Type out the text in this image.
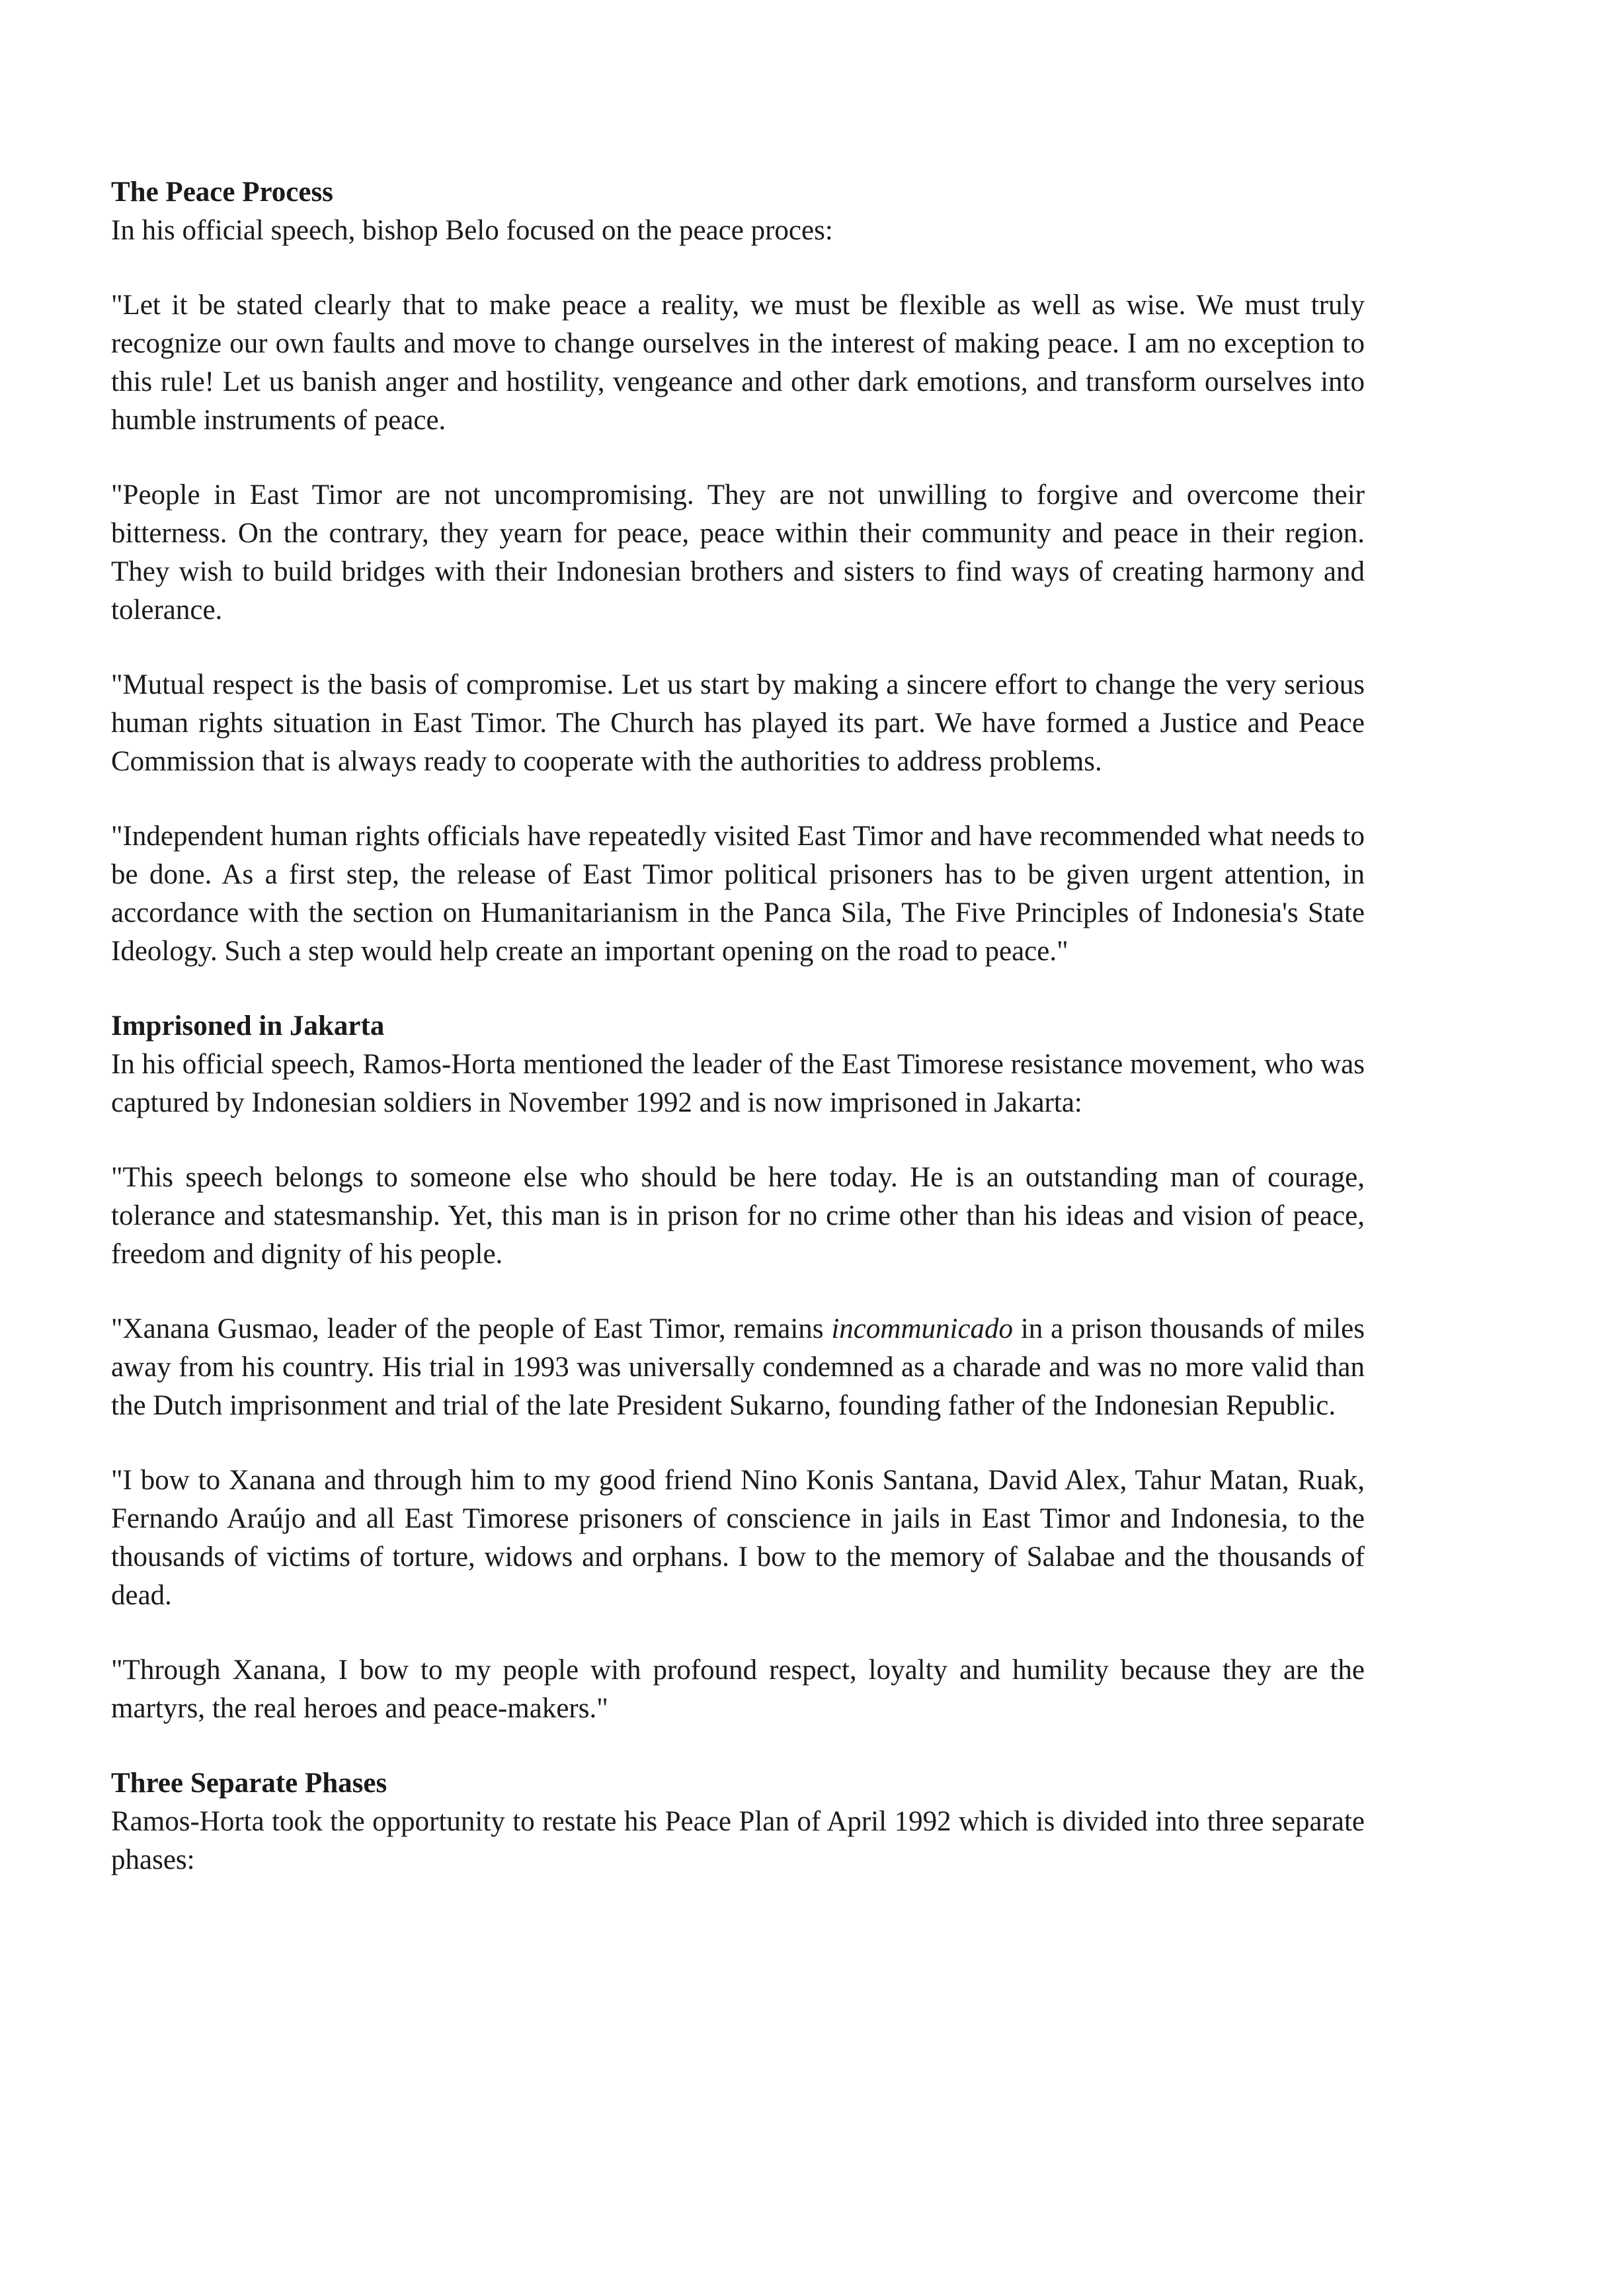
The Peace Process

In his official speech, bishop Belo focused on the peace proces:

"Let it be stated clearly that to make peace a reality, we must be flexible as well as wise. We must truly recognize our own faults and move to change ourselves in the interest of making peace. I am no exception to this rule! Let us banish anger and hostility, vengeance and other dark emotions, and transform ourselves into humble instruments of peace.

"People in East Timor are not uncompromising. They are not unwilling to forgive and overcome their bitterness. On the contrary, they yearn for peace, peace within their community and peace in their region. They wish to build bridges with their Indonesian brothers and sisters to find ways of creating harmony and tolerance.

"Mutual respect is the basis of compromise. Let us start by making a sincere effort to change the very serious human rights situation in East Timor. The Church has played its part. We have formed a Justice and Peace Commission that is always ready to cooperate with the authorities to address problems.

"Independent human rights officials have repeatedly visited East Timor and have recommended what needs to be done. As a first step, the release of East Timor political prisoners has to be given urgent attention, in accordance with the section on Humanitarianism in the Panca Sila, The Five Principles of Indonesia's State Ideology. Such a step would help create an important opening on the road to peace."

Imprisoned in Jakarta

In his official speech, Ramos-Horta mentioned the leader of the East Timorese resistance movement, who was captured by Indonesian soldiers in November 1992 and is now imprisoned in Jakarta:

"This speech belongs to someone else who should be here today. He is an outstanding man of courage, tolerance and statesmanship. Yet, this man is in prison for no crime other than his ideas and vision of peace, freedom and dignity of his people.

"Xanana Gusmao, leader of the people of East Timor, remains incommunicado in a prison thousands of miles away from his country. His trial in 1993 was universally condemned as a charade and was no more valid than the Dutch imprisonment and trial of the late President Sukarno, founding father of the Indonesian Republic.

"I bow to Xanana and through him to my good friend Nino Konis Santana, David Alex, Tahur Matan, Ruak, Fernando Araújo and all East Timorese prisoners of conscience in jails in East Timor and Indonesia, to the thousands of victims of torture, widows and orphans. I bow to the memory of Salabae and the thousands of dead.

"Through Xanana, I bow to my people with profound respect, loyalty and humility because they are the martyrs, the real heroes and peace-makers."

Three Separate Phases

Ramos-Horta took the opportunity to restate his Peace Plan of April 1992 which is divided into three separate phases:
